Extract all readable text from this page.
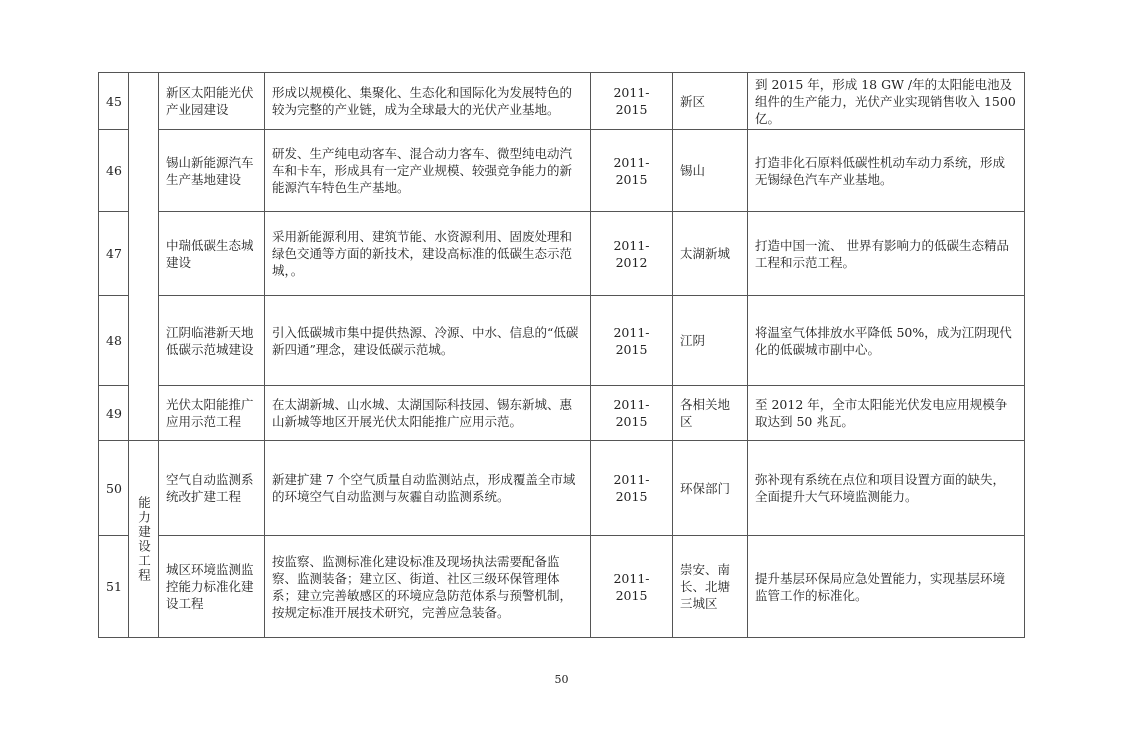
45		新区太阳能光伏产业园建设	形成以规模化、集聚化、生态化和国际化为发展特色的较为完整的产业链，成为全球最大的光伏产业基地。	2011-2015	新区	到 2015 年，形成 18 GW /年的太阳能电池及组件的生产能力，光伏产业实现销售收入 1500 亿。
46		锡山新能源汽车生产基地建设	研发、生产纯电动客车、混合动力客车、微型纯电动汽车和卡车，形成具有一定产业规模、较强竞争能力的新能源汽车特色生产基地。	2011-2015	锡山	打造非化石原料低碳性机动车动力系统，形成无锡绿色汽车产业基地。
47		中瑞低碳生态城建设	采用新能源利用、建筑节能、水资源利用、固废处理和绿色交通等方面的新技术，建设高标准的低碳生态示范城，。	2011-2012	太湖新城	打造中国一流、 世界有影响力的低碳生态精品工程和示范工程。
48		江阴临港新天地低碳示范城建设	引入低碳城市集中提供热源、冷源、中水、信息的“低碳新四通”理念，建设低碳示范城。	2011-2015	江阴	将温室气体排放水平降低 50%，成为江阴现代化的低碳城市副中心。
49		光伏太阳能推广应用示范工程	在太湖新城、山水城、太湖国际科技园、锡东新城、惠山新城等地区开展光伏太阳能推广应用示范。	2011-2015	各相关地区	至 2012 年，全市太阳能光伏发电应用规模争取达到 50 兆瓦。
50	能力建设工程	空气自动监测系统改扩建工程	新建扩建 7 个空气质量自动监测站点，形成覆盖全市域的环境空气自动监测与灰霾自动监测系统。	2011-2015	环保部门	弥补现有系统在点位和项目设置方面的缺失，全面提升大气环境监测能力。
51		城区环境监测监控能力标准化建设工程	按监察、监测标准化建设标准及现场执法需要配备监察、监测装备；建立区、街道、社区三级环保管理体系；建立完善敏感区的环境应急防范体系与预警机制，按规定标准开展技术研究，完善应急装备。	2011-2015	崇安、南长、北塘三城区	提升基层环保局应急处置能力，实现基层环境监管工作的标准化。
50
